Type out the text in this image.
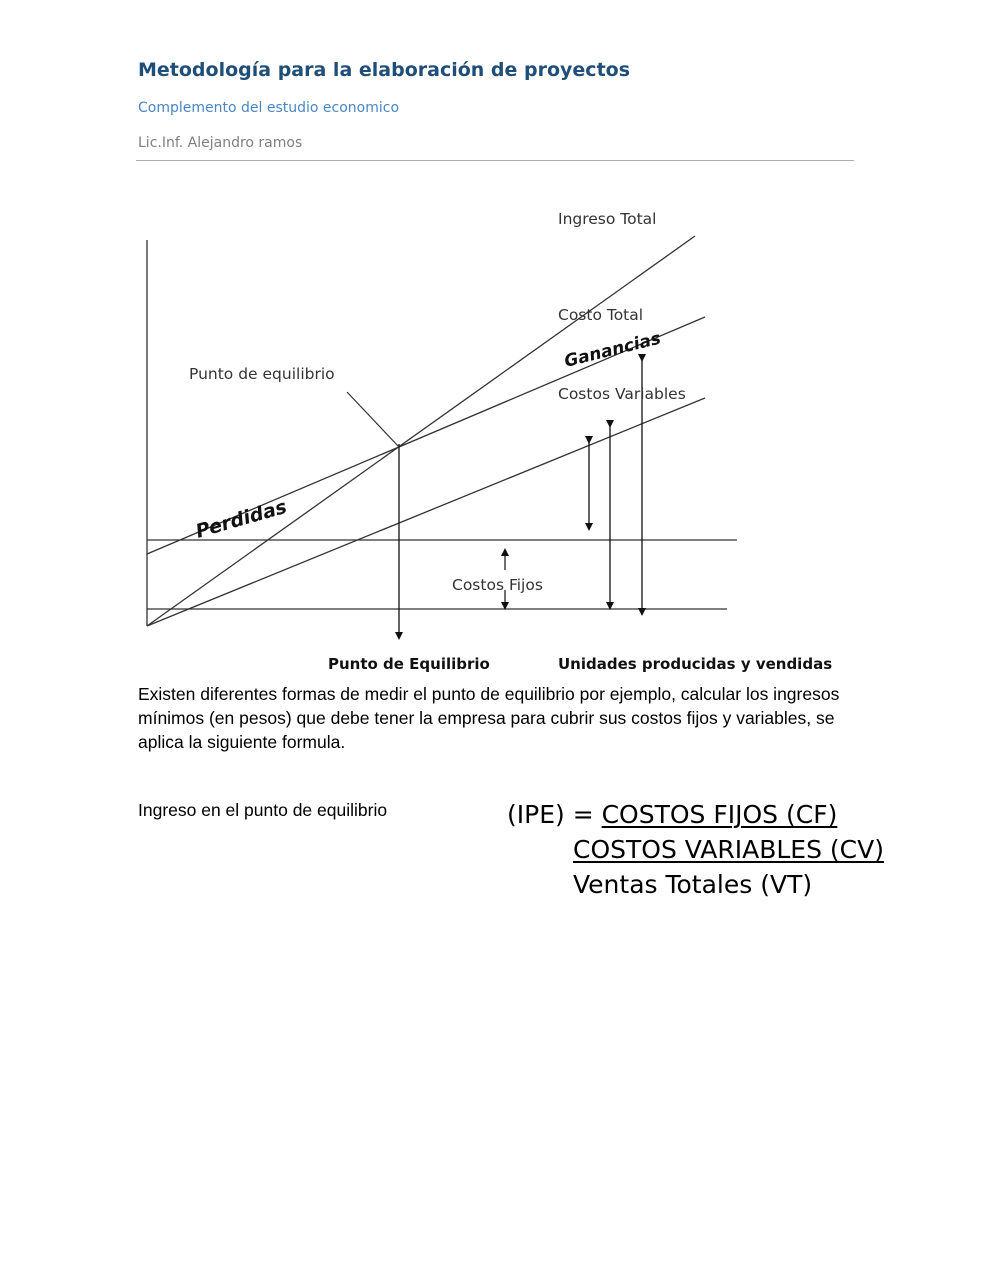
Metodología para la elaboración de proyectos
Complemento del estudio economico
Lic.Inf. Alejandro ramos
Ingreso Total
Costo Total
Ganancias
Costos Variables
Punto de equilibrio
Perdidas
Costos Fijos
Punto de Equilibrio	Unidades producidas y vendidas
Existen diferentes formas de medir el punto de equilibrio por ejemplo, calcular los ingresos mínimos (en pesos) que debe tener la empresa para cubrir sus costos fijos y variables, se aplica la siguiente formula.
Ingreso en el punto de equilibrio	(IPE) = COSTOS FIJOS (CF)
COSTOS VARIABLES (CV)
Ventas Totales (VT)
